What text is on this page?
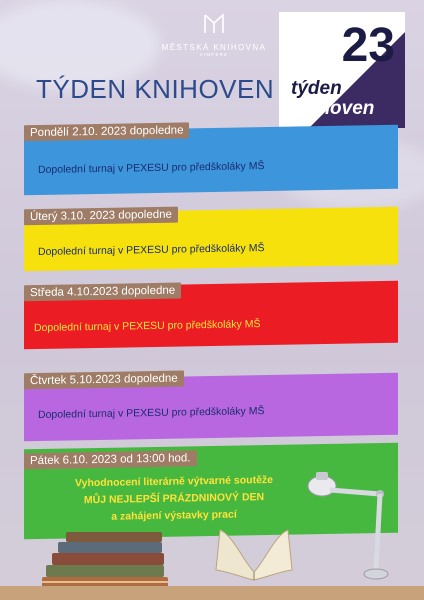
MĚSTSKÁ KNIHOVNA
VIMPERK
TÝDEN KNIHOVEN
23
týden
knihoven
Pondělí 2.10. 2023 dopoledne
Dopolední turnaj v PEXESU pro předškoláky MŠ
Úterý 3.10. 2023 dopoledne
Dopolední turnaj v PEXESU pro předškoláky MŠ
Středa 4.10.2023 dopoledne
Dopolední turnaj v PEXESU pro předškoláky MŠ
Čtvrtek 5.10.2023 dopoledne
Dopolední turnaj v PEXESU pro předškoláky MŠ
Pátek 6.10. 2023 od 13:00 hod.
Vyhodnocení literárně výtvarné soutěže
MŮJ NEJLEPŠÍ PRÁZDNINOVÝ DEN
a zahájení výstavky prací
